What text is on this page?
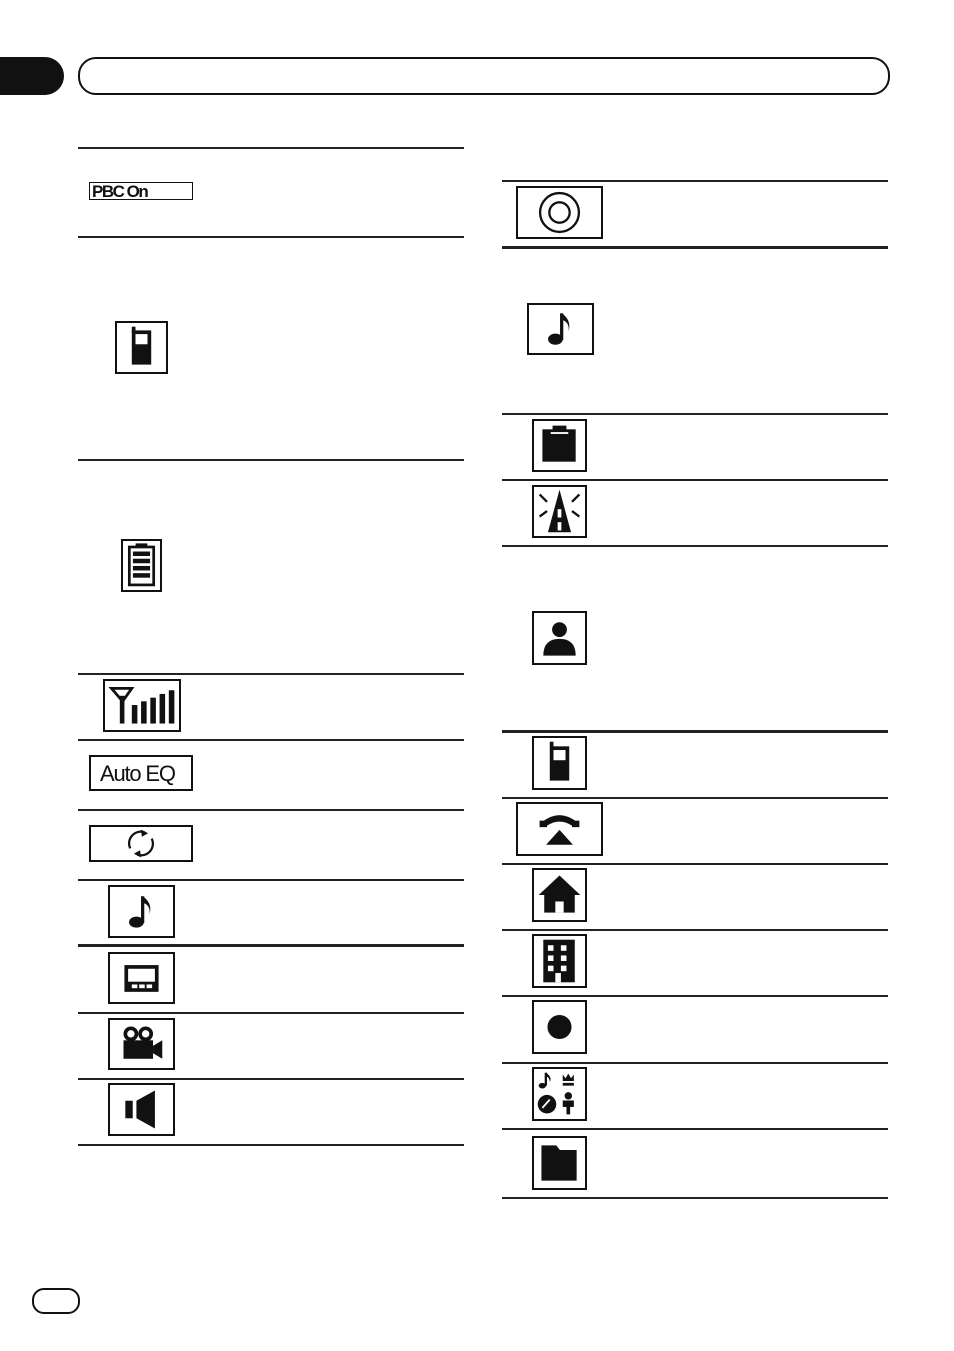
PBC On
Auto EQ
